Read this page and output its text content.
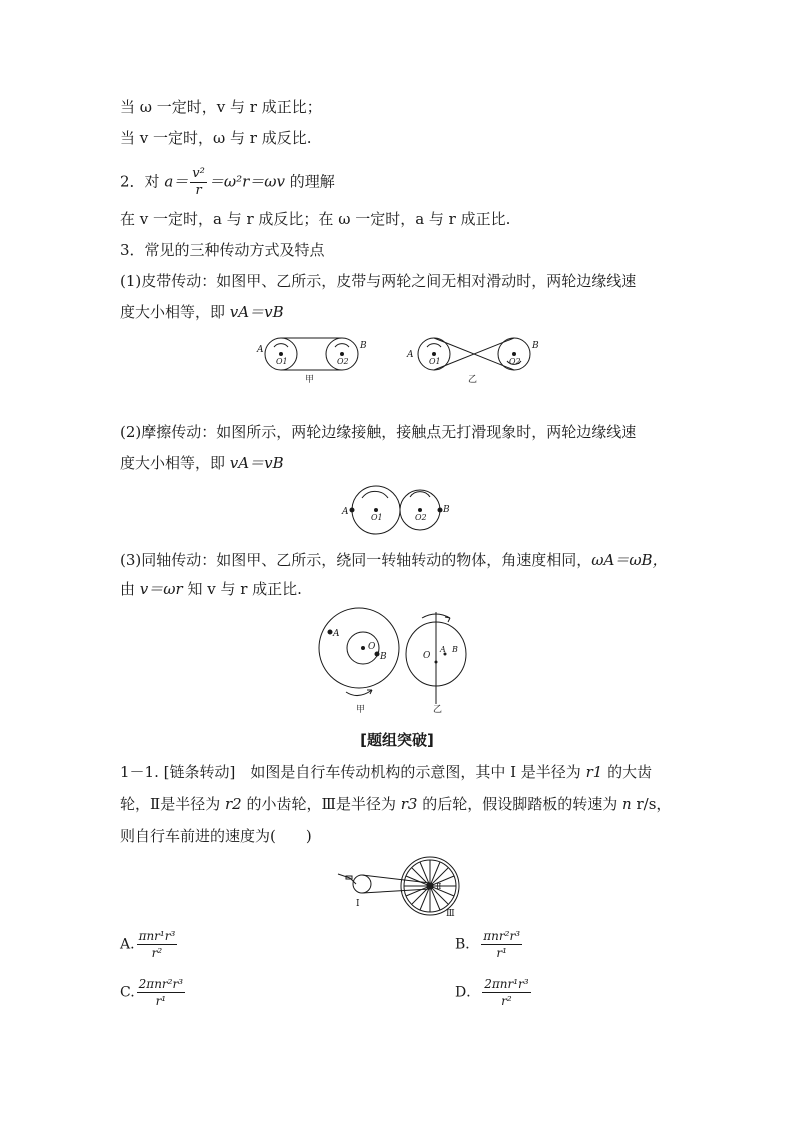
当 ω 一定时，v 与 r 成正比；
当 v 一定时，ω 与 r 成反比.
2．对 $a= \frac{\text{v²}}{r} =\omega^2r=\omega v$ 的理解
在 v 一定时，a 与 r 成反比；在 ω 一定时，a 与 r 成正比.
3．常见的三种传动方式及特点
(1)皮带传动：如图甲、乙所示，皮带与两轮之间无相对滑动时，两轮边缘线速
度大小相等，即 vA＝vB
A	B
O1	O2
甲
A
B
O1	O2
乙
(2)摩擦传动：如图所示，两轮边缘接触，接触点无打滑现象时，两轮边缘线速
度大小相等，即 vA＝vB
A	B
O1	O2
(3)同轴传动：如图甲、乙所示，绕同一转轴转动的物体，角速度相同，ωA＝ωB，
由 v＝ωr 知 v 与 r 成正比.
A
B
O
甲
O
A B
乙
[题组突破]
1－1. [链条转动]　如图是自行车传动机构的示意图，其中 Ⅰ 是半径为 r1 的大齿
轮，Ⅱ是半径为 r2 的小齿轮，Ⅲ是半径为 r3 的后轮，假设脚踏板的转速为 n r/s，
则自行车前进的速度为(　　)
Ⅰ
Ⅱ
Ⅲ
A. $\frac{\text{πnr¹r³}}{\text{r²}}$	B． $\frac{\text{πnr²r³}}{\text{r¹}}$
C. $\frac{\text{2πnr²r³}}{\text{r¹}}$	D． $\frac{\text{2πnr¹r³}}{\text{r²}}$
